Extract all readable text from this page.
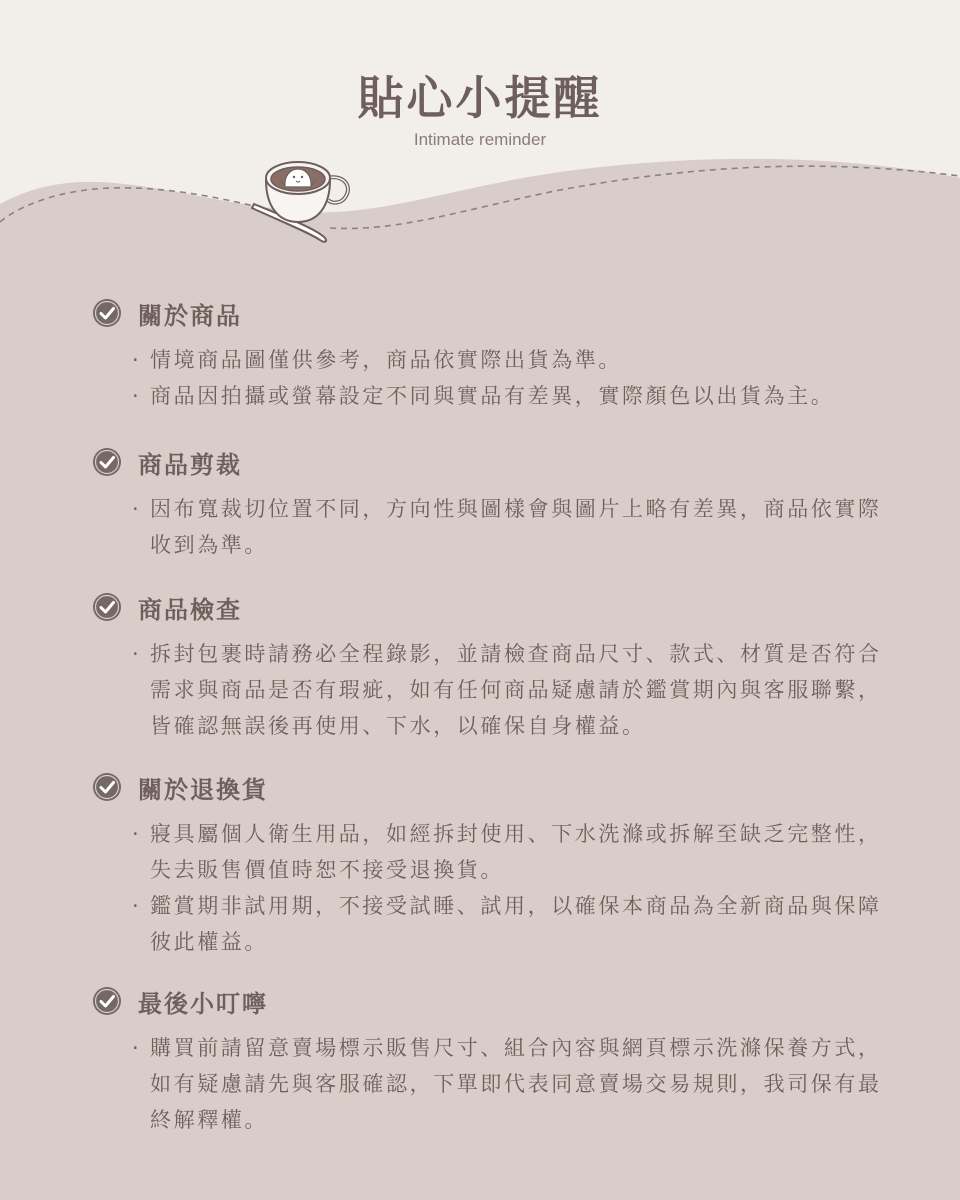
貼心小提醒
Intimate reminder
關於商品
· 情境商品圖僅供參考，商品依實際出貨為準。
· 商品因拍攝或螢幕設定不同與實品有差異，實際顏色以出貨為主。
商品剪裁
· 因布寬裁切位置不同，方向性與圖樣會與圖片上略有差異，商品依實際收到為準。
商品檢查
· 拆封包裹時請務必全程錄影，並請檢查商品尺寸、款式、材質是否符合需求與商品是否有瑕疵，如有任何商品疑慮請於鑑賞期內與客服聯繫，皆確認無誤後再使用、下水，以確保自身權益。
關於退換貨
· 寢具屬個人衛生用品，如經拆封使用、下水洗滌或拆解至缺乏完整性，失去販售價值時恕不接受退換貨。
· 鑑賞期非試用期，不接受試睡、試用，以確保本商品為全新商品與保障彼此權益。
最後小叮嚀
· 購買前請留意賣場標示販售尺寸、組合內容與網頁標示洗滌保養方式，如有疑慮請先與客服確認，下單即代表同意賣場交易規則，我司保有最終解釋權。
